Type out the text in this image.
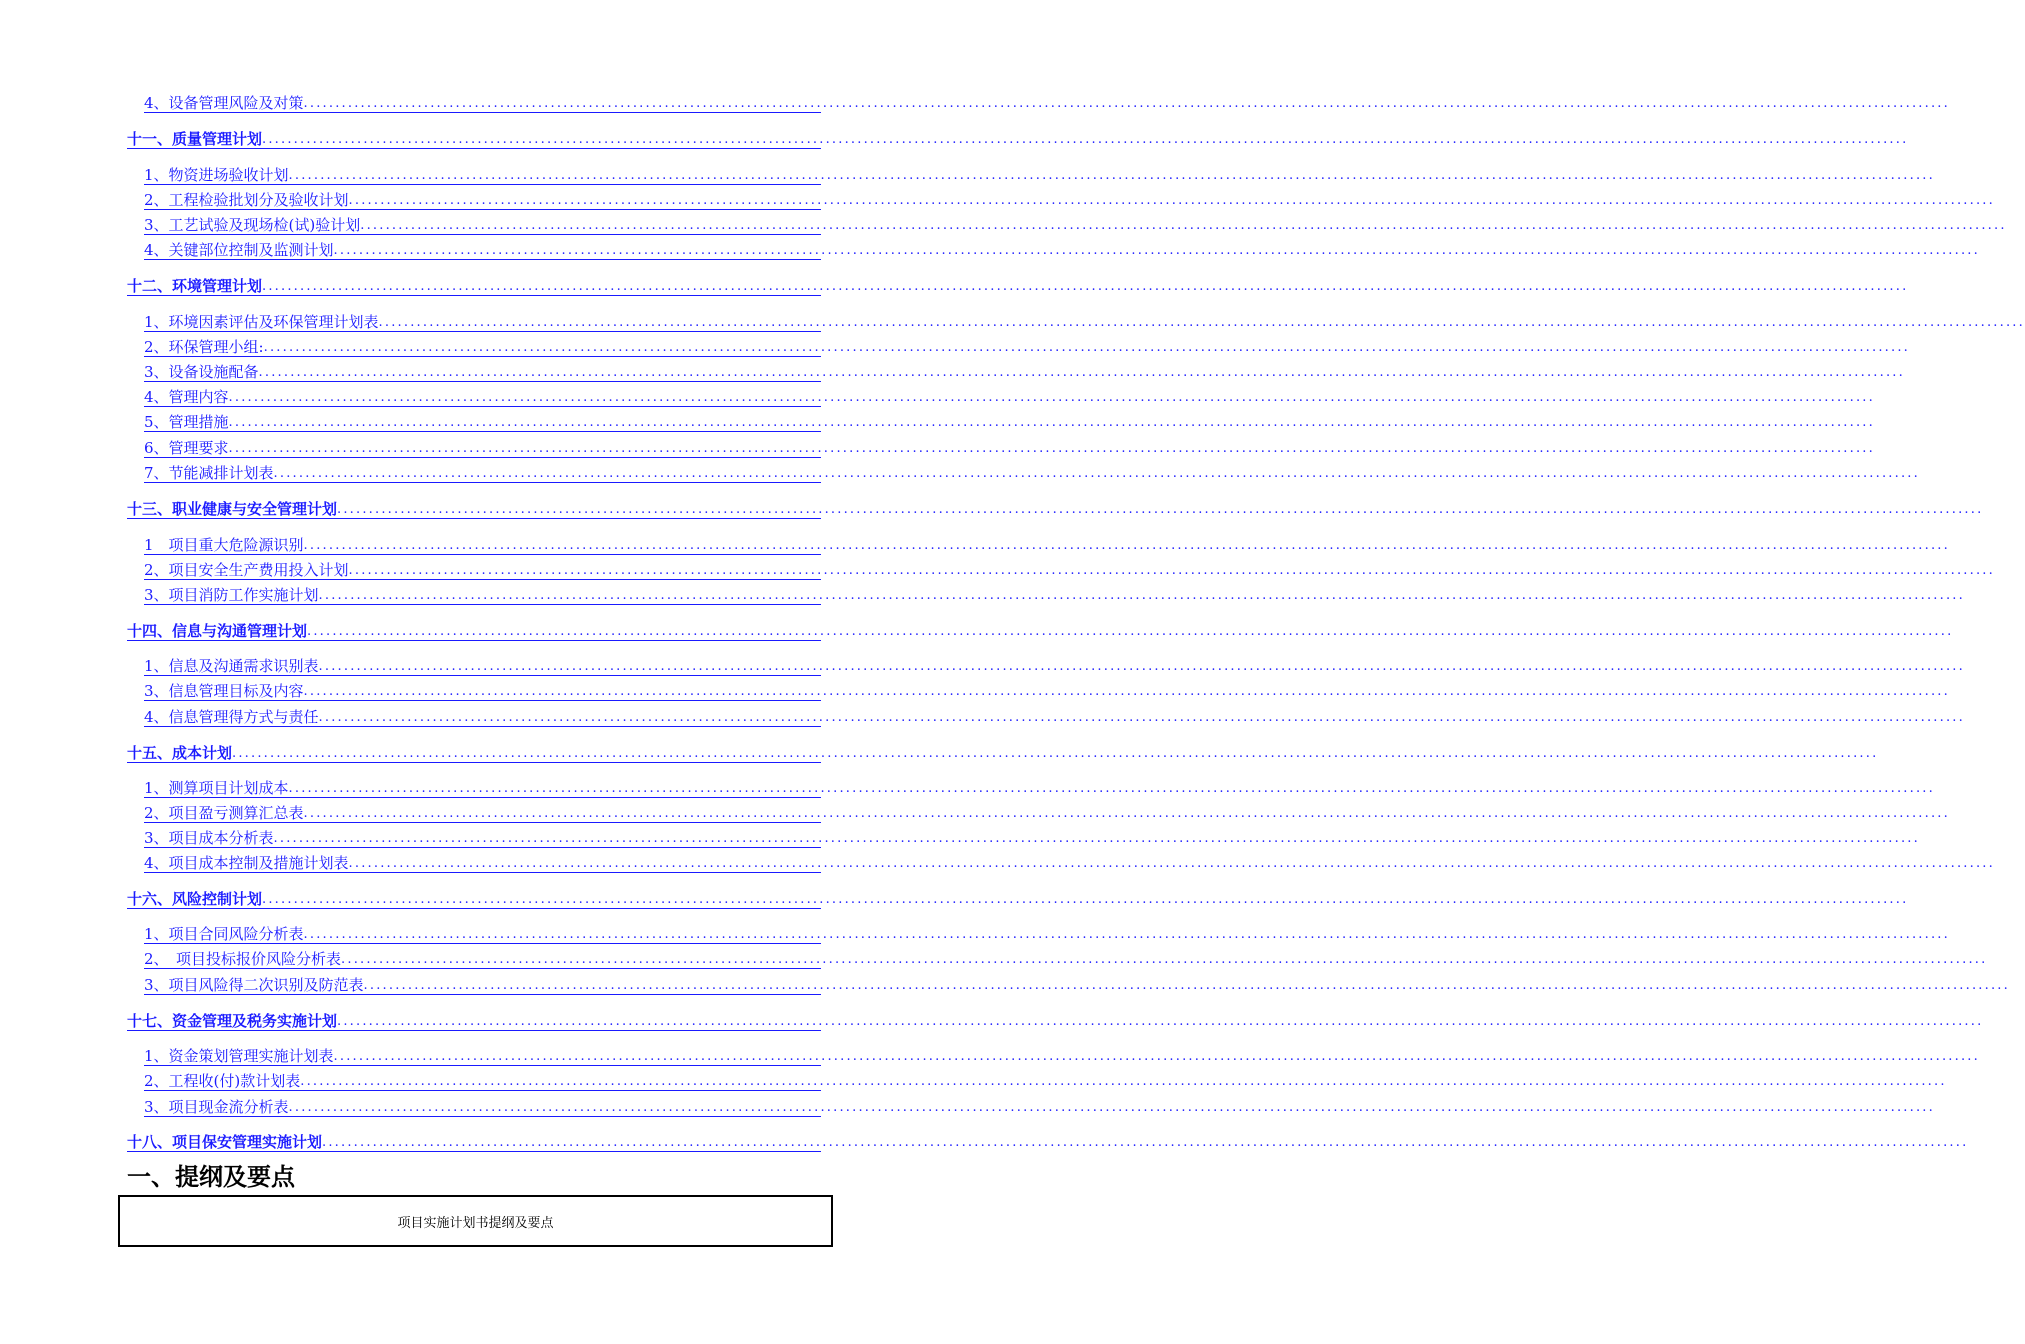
4、设备管理风险及对策 ....................................................................................................................................................................................................................................................................
十一、质量管理计划 ....................................................................................................................................................................................................................................................................
1、物资进场验收计划 ....................................................................................................................................................................................................................................................................
2、工程检验批划分及验收计划 ....................................................................................................................................................................................................................................................................
3、工艺试验及现场检(试)验计划 ....................................................................................................................................................................................................................................................................
4、关键部位控制及监测计划 ....................................................................................................................................................................................................................................................................
十二、环境管理计划 ....................................................................................................................................................................................................................................................................
1、环境因素评估及环保管理计划表 ....................................................................................................................................................................................................................................................................
2、环保管理小组: ....................................................................................................................................................................................................................................................................
3、设备设施配备 ....................................................................................................................................................................................................................................................................
4、管理内容 ....................................................................................................................................................................................................................................................................
5、管理措施 ....................................................................................................................................................................................................................................................................
6、管理要求 ....................................................................................................................................................................................................................................................................
7、节能减排计划表 ....................................................................................................................................................................................................................................................................
十三、职业健康与安全管理计划 ....................................................................................................................................................................................................................................................................
1　项目重大危险源识别 ....................................................................................................................................................................................................................................................................
2、项目安全生产费用投入计划 ....................................................................................................................................................................................................................................................................
3、项目消防工作实施计划 ....................................................................................................................................................................................................................................................................
十四、信息与沟通管理计划 ....................................................................................................................................................................................................................................................................
1、信息及沟通需求识别表 ....................................................................................................................................................................................................................................................................
3、信息管理目标及内容 ....................................................................................................................................................................................................................................................................
4、信息管理得方式与责任 ....................................................................................................................................................................................................................................................................
十五、成本计划 ....................................................................................................................................................................................................................................................................
1、测算项目计划成本 ....................................................................................................................................................................................................................................................................
2、项目盈亏测算汇总表 ....................................................................................................................................................................................................................................................................
3、项目成本分析表 ....................................................................................................................................................................................................................................................................
4、项目成本控制及措施计划表 ....................................................................................................................................................................................................................................................................
十六、风险控制计划 ....................................................................................................................................................................................................................................................................
1、项目合同风险分析表 ....................................................................................................................................................................................................................................................................
2、　项目投标报价风险分析表 ....................................................................................................................................................................................................................................................................
3、项目风险得二次识别及防范表 ....................................................................................................................................................................................................................................................................
十七、资金管理及税务实施计划 ....................................................................................................................................................................................................................................................................
1、资金策划管理实施计划表 ....................................................................................................................................................................................................................................................................
2、工程收(付)款计划表 ....................................................................................................................................................................................................................................................................
3、项目现金流分析表 ....................................................................................................................................................................................................................................................................
十八、项目保安管理实施计划 ....................................................................................................................................................................................................................................................................
一、提纲及要点
项目实施计划书提纲及要点
